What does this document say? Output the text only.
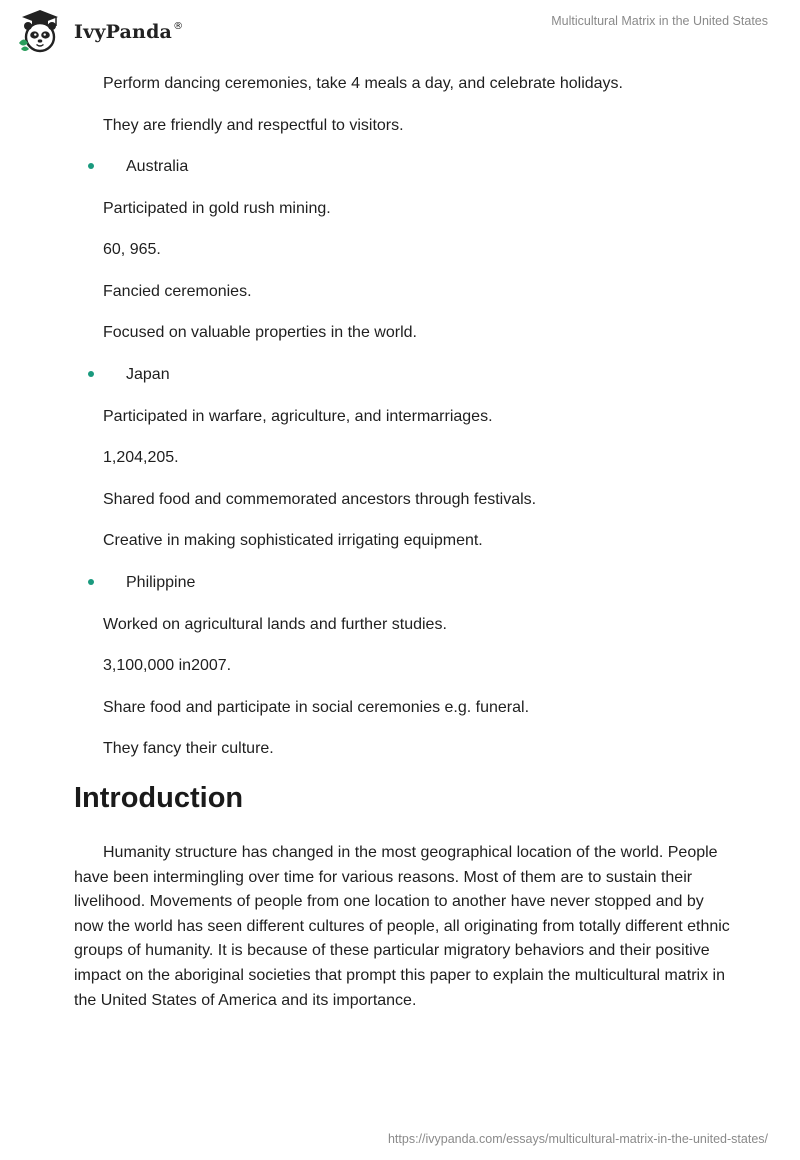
IvyPanda®	Multicultural Matrix in the United States
Perform dancing ceremonies, take 4 meals a day, and celebrate holidays.
They are friendly and respectful to visitors.
Australia
Participated in gold rush mining.
60, 965.
Fancied ceremonies.
Focused on valuable properties in the world.
Japan
Participated in warfare, agriculture, and intermarriages.
1,204,205.
Shared food and commemorated ancestors through festivals.
Creative in making sophisticated irrigating equipment.
Philippine
Worked on agricultural lands and further studies.
3,100,000 in2007.
Share food and participate in social ceremonies e.g. funeral.
They fancy their culture.
Introduction

Humanity structure has changed in the most geographical location of the world. People have been intermingling over time for various reasons. Most of them are to sustain their livelihood. Movements of people from one location to another have never stopped and by now the world has seen different cultures of people, all originating from totally different ethnic groups of humanity. It is because of these particular migratory behaviors and their positive impact on the aboriginal societies that prompt this paper to explain the multicultural matrix in the United States of America and its importance.

https://ivypanda.com/essays/multicultural-matrix-in-the-united-states/
